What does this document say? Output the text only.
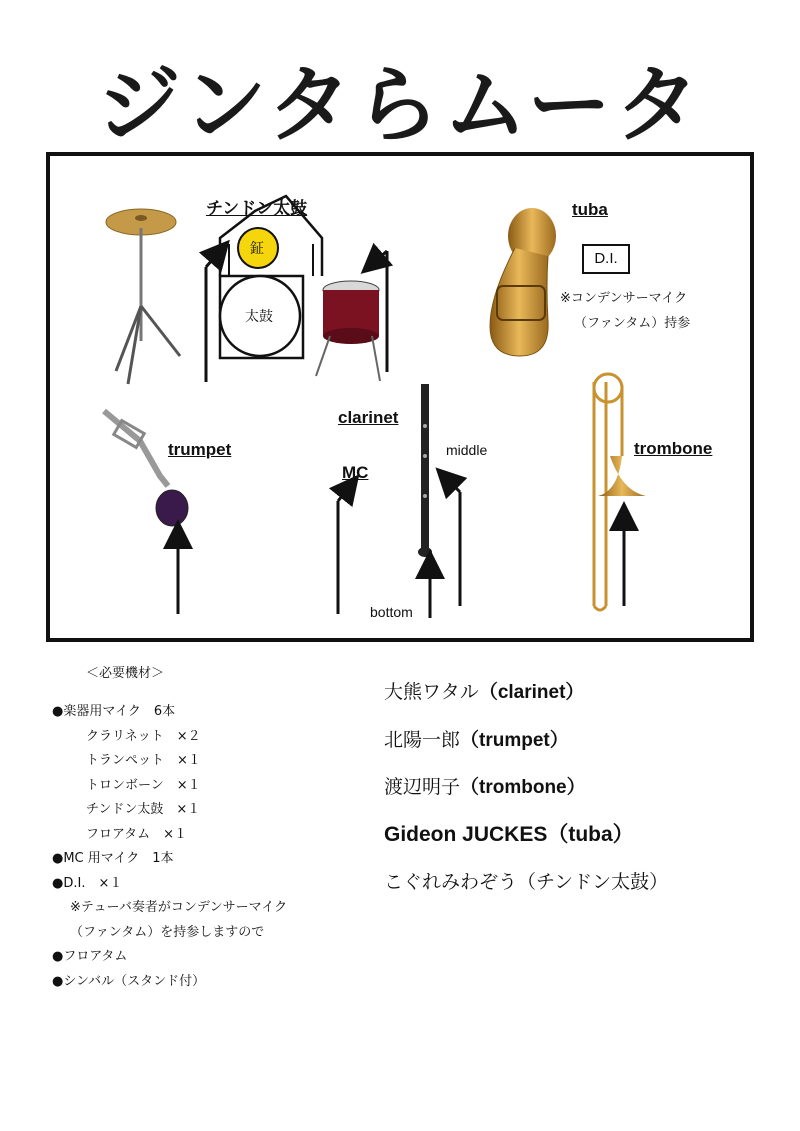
ジンタらムータ
チンドン太鼓
鉦
太鼓
tuba
D.I.
※コンデンサーマイク
（ファンタム）持参
trumpet
clarinet
MC
middle
bottom
trombone
＜必要機材＞
● 楽器用マイク　6本
クラリネット　×２
トランペット　×１
トロンボーン　×１
チンドン太鼓　×１
フロアタム　×１
● MC 用マイク　1本
● D.I.　×１
※テューバ奏者がコンデンサーマイク
（ファンタム）を持参しますので
● フロアタム
● シンバル（スタンド付）
大熊ワタル（clarinet）
北陽一郎（trumpet）
渡辺明子（trombone）
Gideon JUCKES（tuba）
こぐれみわぞう（チンドン太鼓）
